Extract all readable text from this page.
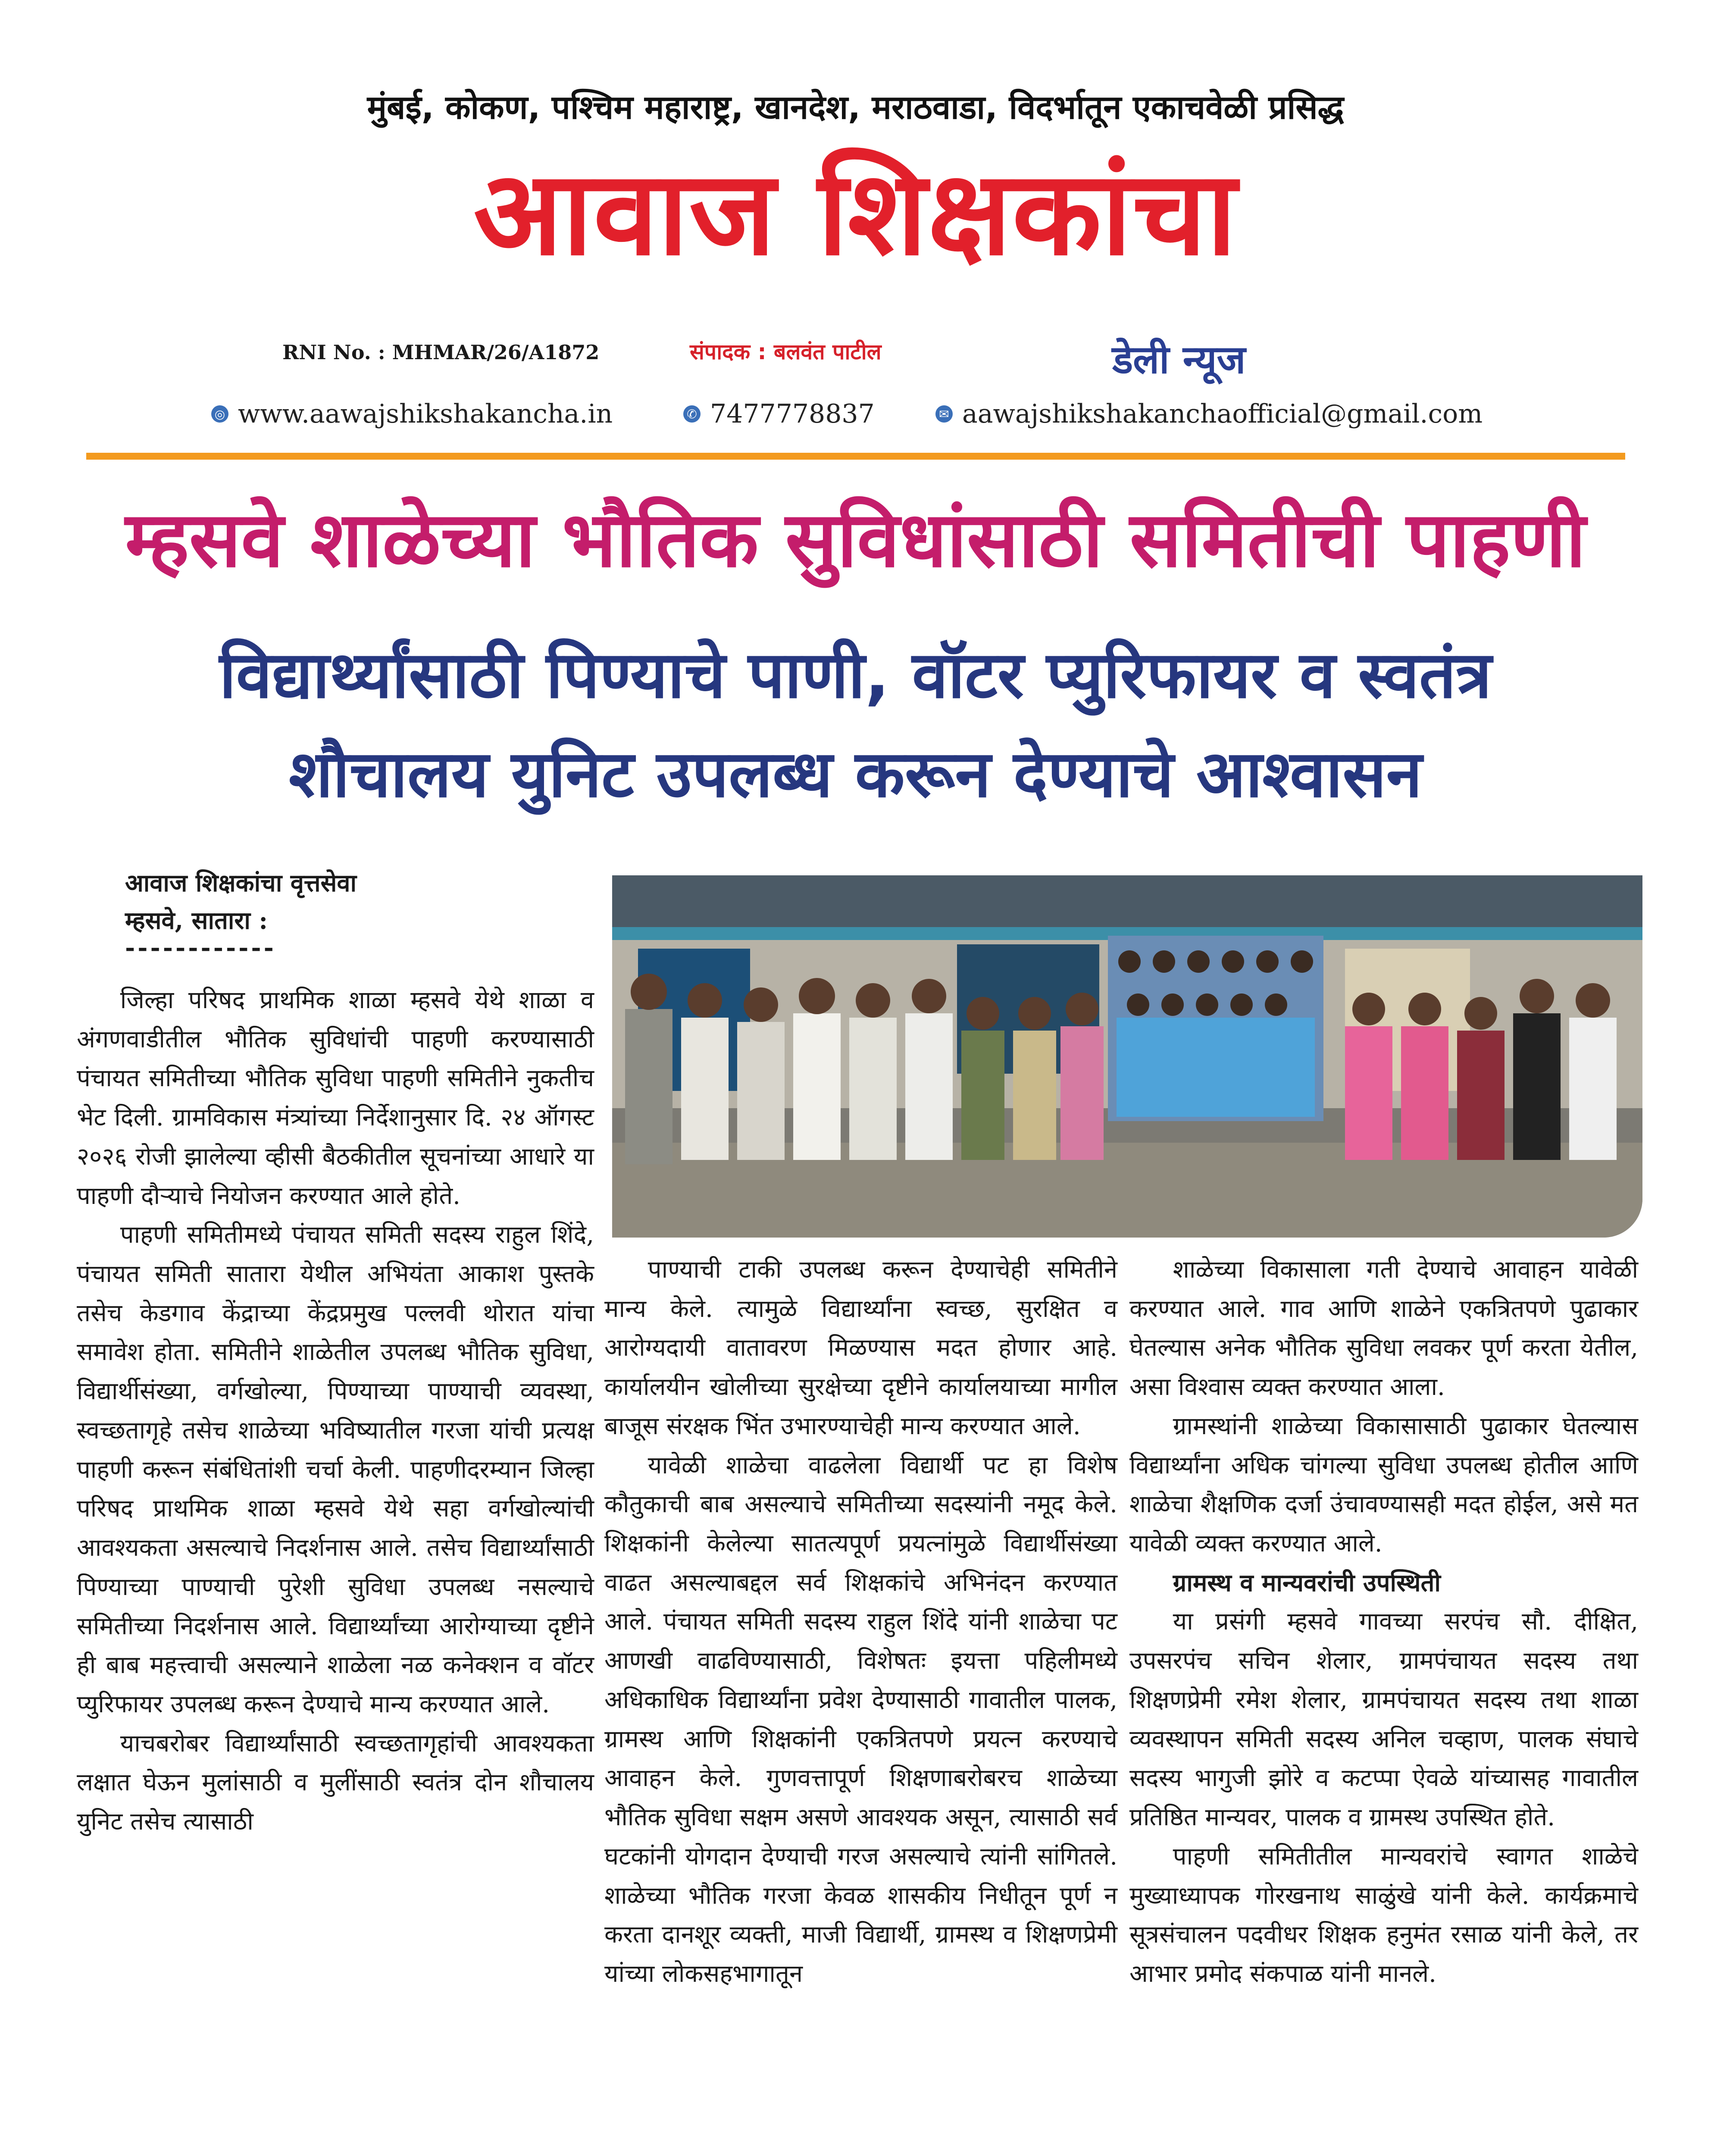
मुंबई, कोकण, पश्चिम महाराष्ट्र, खानदेश, मराठवाडा, विदर्भातून एकाचवेळी प्रसिद्ध
आवाज शिक्षकांचा
RNI No. : MHMAR/26/A1872	संपादक : बलवंत पाटील	डेली न्यूज
◎ www.aawajshikshakancha.in	✆ 7477778837	✉ aawajshikshakanchaofficial@gmail.com
म्हसवे शाळेच्या भौतिक सुविधांसाठी समितीची पाहणी
विद्यार्थ्यांसाठी पिण्याचे पाणी, वॉटर प्युरिफायर व स्वतंत्र
शौचालय युनिट उपलब्ध करून देण्याचे आश्वासन
आवाज शिक्षकांचा वृत्तसेवा
म्हसवे, सातारा :
------------

जिल्हा परिषद प्राथमिक शाळा म्हसवे येथे शाळा व अंगणवाडीतील भौतिक सुविधांची पाहणी करण्यासाठी पंचायत समितीच्या भौतिक सुविधा पाहणी समितीने नुकतीच भेट दिली. ग्रामविकास मंत्र्यांच्या निर्देशानुसार दि. २४ ऑगस्ट २०२६ रोजी झालेल्या व्हीसी बैठकीतील सूचनांच्या आधारे या पाहणी दौऱ्याचे नियोजन करण्यात आले होते.

पाहणी समितीमध्ये पंचायत समिती सदस्य राहुल शिंदे, पंचायत समिती सातारा येथील अभियंता आकाश पुस्तके तसेच केडगाव केंद्राच्या केंद्रप्रमुख पल्लवी थोरात यांचा समावेश होता. समितीने शाळेतील उपलब्ध भौतिक सुविधा, विद्यार्थीसंख्या, वर्गखोल्या, पिण्याच्या पाण्याची व्यवस्था, स्वच्छतागृहे तसेच शाळेच्या भविष्यातील गरजा यांची प्रत्यक्ष पाहणी करून संबंधितांशी चर्चा केली. पाहणीदरम्यान जिल्हा परिषद प्राथमिक शाळा म्हसवे येथे सहा वर्गखोल्यांची आवश्यकता असल्याचे निदर्शनास आले. तसेच विद्यार्थ्यांसाठी पिण्याच्या पाण्याची पुरेशी सुविधा उपलब्ध नसल्याचे समितीच्या निदर्शनास आले. विद्यार्थ्यांच्या आरोग्याच्या दृष्टीने ही बाब महत्त्वाची असल्याने शाळेला नळ कनेक्शन व वॉटर प्युरिफायर उपलब्ध करून देण्याचे मान्य करण्यात आले.

याचबरोबर विद्यार्थ्यांसाठी स्वच्छतागृहांची आवश्यकता लक्षात घेऊन मुलांसाठी व मुलींसाठी स्वतंत्र दोन शौचालय युनिट तसेच त्यासाठी

पाण्याची टाकी उपलब्ध करून देण्याचेही समितीने मान्य केले. त्यामुळे विद्यार्थ्यांना स्वच्छ, सुरक्षित व आरोग्यदायी वातावरण मिळण्यास मदत होणार आहे. कार्यालयीन खोलीच्या सुरक्षेच्या दृष्टीने कार्यालयाच्या मागील बाजूस संरक्षक भिंत उभारण्याचेही मान्य करण्यात आले.

यावेळी शाळेचा वाढलेला विद्यार्थी पट हा विशेष कौतुकाची बाब असल्याचे समितीच्या सदस्यांनी नमूद केले. शिक्षकांनी केलेल्या सातत्यपूर्ण प्रयत्नांमुळे विद्यार्थीसंख्या वाढत असल्याबद्दल सर्व शिक्षकांचे अभिनंदन करण्यात आले. पंचायत समिती सदस्य राहुल शिंदे यांनी शाळेचा पट आणखी वाढविण्यासाठी, विशेषतः इयत्ता पहिलीमध्ये अधिकाधिक विद्यार्थ्यांना प्रवेश देण्यासाठी गावातील पालक, ग्रामस्थ आणि शिक्षकांनी एकत्रितपणे प्रयत्न करण्याचे आवाहन केले. गुणवत्तापूर्ण शिक्षणाबरोबरच शाळेच्या भौतिक सुविधा सक्षम असणे आवश्यक असून, त्यासाठी सर्व घटकांनी योगदान देण्याची गरज असल्याचे त्यांनी सांगितले. शाळेच्या भौतिक गरजा केवळ शासकीय निधीतून पूर्ण न करता दानशूर व्यक्ती, माजी विद्यार्थी, ग्रामस्थ व शिक्षणप्रेमी यांच्या लोकसहभागातून

शाळेच्या विकासाला गती देण्याचे आवाहन यावेळी करण्यात आले. गाव आणि शाळेने एकत्रितपणे पुढाकार घेतल्यास अनेक भौतिक सुविधा लवकर पूर्ण करता येतील, असा विश्वास व्यक्त करण्यात आला.

ग्रामस्थांनी शाळेच्या विकासासाठी पुढाकार घेतल्यास विद्यार्थ्यांना अधिक चांगल्या सुविधा उपलब्ध होतील आणि शाळेचा शैक्षणिक दर्जा उंचावण्यासही मदत होईल, असे मत यावेळी व्यक्त करण्यात आले.

ग्रामस्थ व मान्यवरांची उपस्थिती

या प्रसंगी म्हसवे गावच्या सरपंच सौ. दीक्षित, उपसरपंच सचिन शेलार, ग्रामपंचायत सदस्य तथा शिक्षणप्रेमी रमेश शेलार, ग्रामपंचायत सदस्य तथा शाळा व्यवस्थापन समिती सदस्य अनिल चव्हाण, पालक संघाचे सदस्य भागुजी झोरे व कटप्पा ऐवळे यांच्यासह गावातील प्रतिष्ठित मान्यवर, पालक व ग्रामस्थ उपस्थित होते.

पाहणी समितीतील मान्यवरांचे स्वागत शाळेचे मुख्याध्यापक गोरखनाथ साळुंखे यांनी केले. कार्यक्रमाचे सूत्रसंचालन पदवीधर शिक्षक हनुमंत रसाळ यांनी केले, तर आभार प्रमोद संकपाळ यांनी मानले.
